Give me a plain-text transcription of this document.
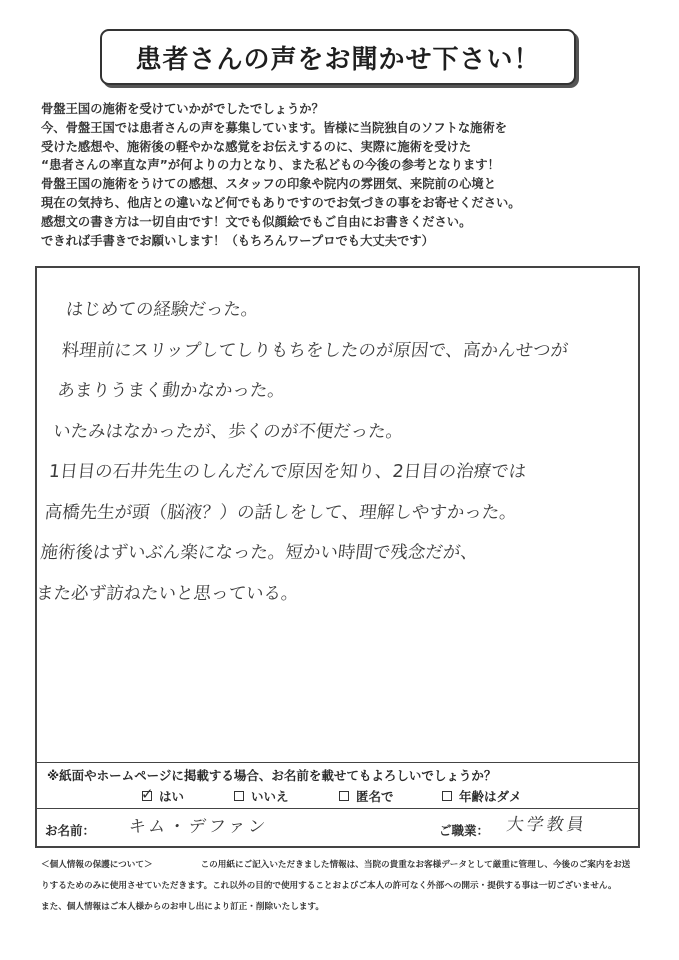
患者さんの声をお聞かせ下さい！
骨盤王国の施術を受けていかがでしたでしょうか？
今、骨盤王国では患者さんの声を募集しています。皆様に当院独自のソフトな施術を
受けた感想や、施術後の軽やかな感覚をお伝えするのに、実際に施術を受けた
“患者さんの率直な声”が何よりの力となり、また私どもの今後の参考となります！
骨盤王国の施術をうけての感想、スタッフの印象や院内の雰囲気、来院前の心境と
現在の気持ち、他店との違いなど何でもありですのでお気づきの事をお寄せください。
感想文の書き方は一切自由です！文でも似顔絵でもご自由にお書きください。
できれば手書きでお願いします！（もちろんワープロでも大丈夫です）
はじめての経験だった。
料理前にスリップしてしりもちをしたのが原因で、高かんせつが
あまりうまく動かなかった。
いたみはなかったが、歩くのが不便だった。
1日目の石井先生のしんだんで原因を知り、2日目の治療では
高橋先生が頭（脳液？）の話しをして、理解しやすかった。
施術後はずいぶん楽になった。短かい時間で残念だが、
また必ず訪ねたいと思っている。
※紙面やホームページに掲載する場合、お名前を載せてもよろしいでしょうか？
✓ はい	いいえ	匿名で	年齢はダメ
お名前： キム・デファン	ご職業： 大学教員
＜個人情報の保護について＞	この用紙にご記入いただきました情報は、当院の貴重なお客様データとして厳重に管理し、今後のご案内をお送
りするためのみに使用させていただきます。これ以外の目的で使用することおよびご本人の許可なく外部への開示・提供する事は一切ございません。
また、個人情報はご本人様からのお申し出により訂正・削除いたします。
